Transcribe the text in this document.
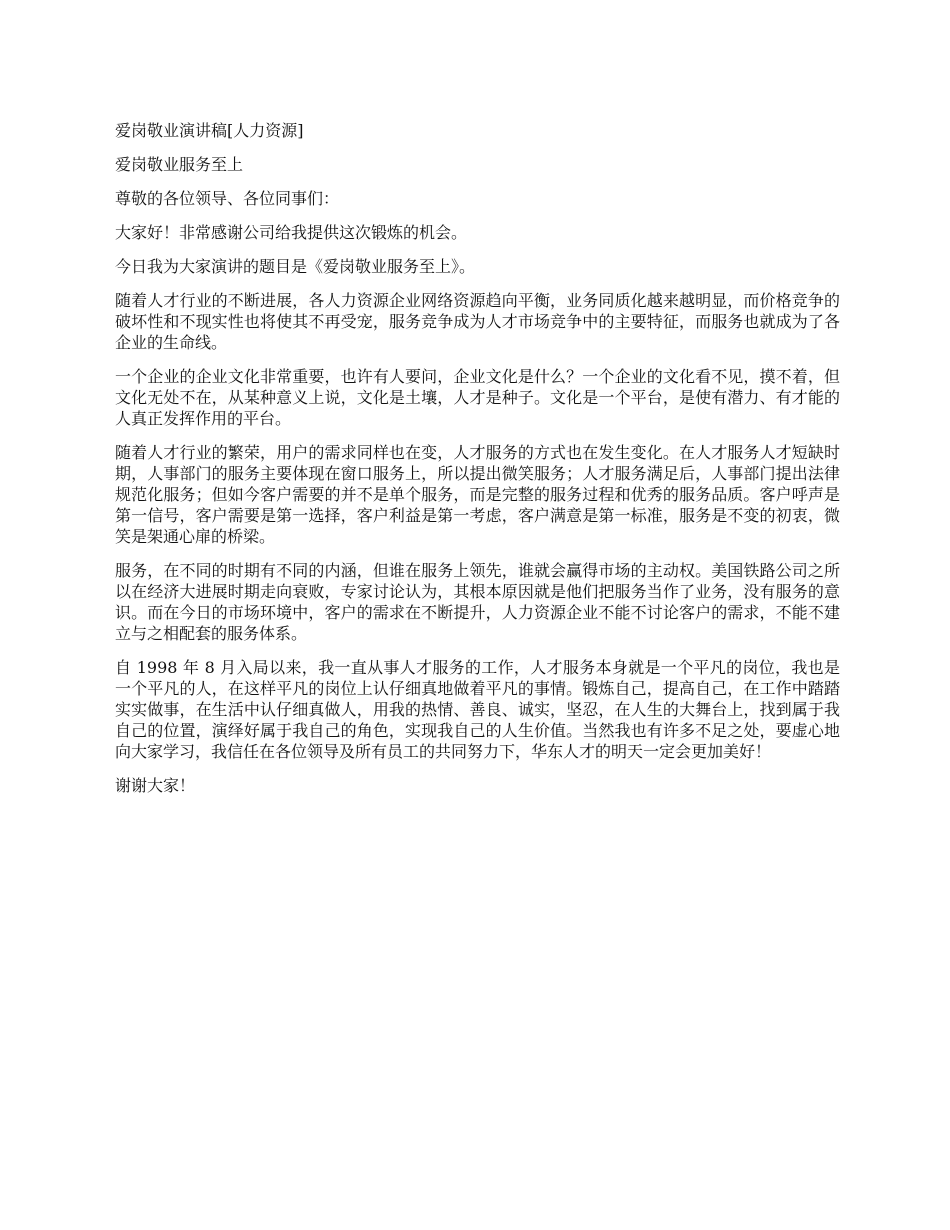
爱岗敬业演讲稿[人力资源]

爱岗敬业服务至上

尊敬的各位领导、各位同事们：

大家好！非常感谢公司给我提供这次锻炼的机会。

今日我为大家演讲的题目是《爱岗敬业服务至上》。

随着人才行业的不断进展，各人力资源企业网络资源趋向平衡，业务同质化越来越明显，而价格竞争的破坏性和不现实性也将使其不再受宠，服务竞争成为人才市场竞争中的主要特征，而服务也就成为了各企业的生命线。

一个企业的企业文化非常重要，也许有人要问，企业文化是什么？一个企业的文化看不见，摸不着，但文化无处不在，从某种意义上说，文化是土壤，人才是种子。文化是一个平台，是使有潜力、有才能的人真正发挥作用的平台。

随着人才行业的繁荣，用户的需求同样也在变，人才服务的方式也在发生变化。在人才服务人才短缺时期，人事部门的服务主要体现在窗口服务上，所以提出微笑服务；人才服务满足后，人事部门提出法律规范化服务；但如今客户需要的并不是单个服务，而是完整的服务过程和优秀的服务品质。客户呼声是第一信号，客户需要是第一选择，客户利益是第一考虑，客户满意是第一标准，服务是不变的初衷，微笑是架通心扉的桥梁。

服务，在不同的时期有不同的内涵，但谁在服务上领先，谁就会赢得市场的主动权。美国铁路公司之所以在经济大进展时期走向衰败，专家讨论认为，其根本原因就是他们把服务当作了业务，没有服务的意识。而在今日的市场环境中，客户的需求在不断提升，人力资源企业不能不讨论客户的需求，不能不建立与之相配套的服务体系。

自 1998 年 8 月入局以来，我一直从事人才服务的工作，人才服务本身就是一个平凡的岗位，我也是一个平凡的人，在这样平凡的岗位上认仔细真地做着平凡的事情。锻炼自己，提高自己，在工作中踏踏实实做事，在生活中认仔细真做人，用我的热情、善良、诚实，坚忍，在人生的大舞台上，找到属于我自己的位置，演绎好属于我自己的角色，实现我自己的人生价值。当然我也有许多不足之处，要虚心地向大家学习，我信任在各位领导及所有员工的共同努力下，华东人才的明天一定会更加美好！

谢谢大家！
